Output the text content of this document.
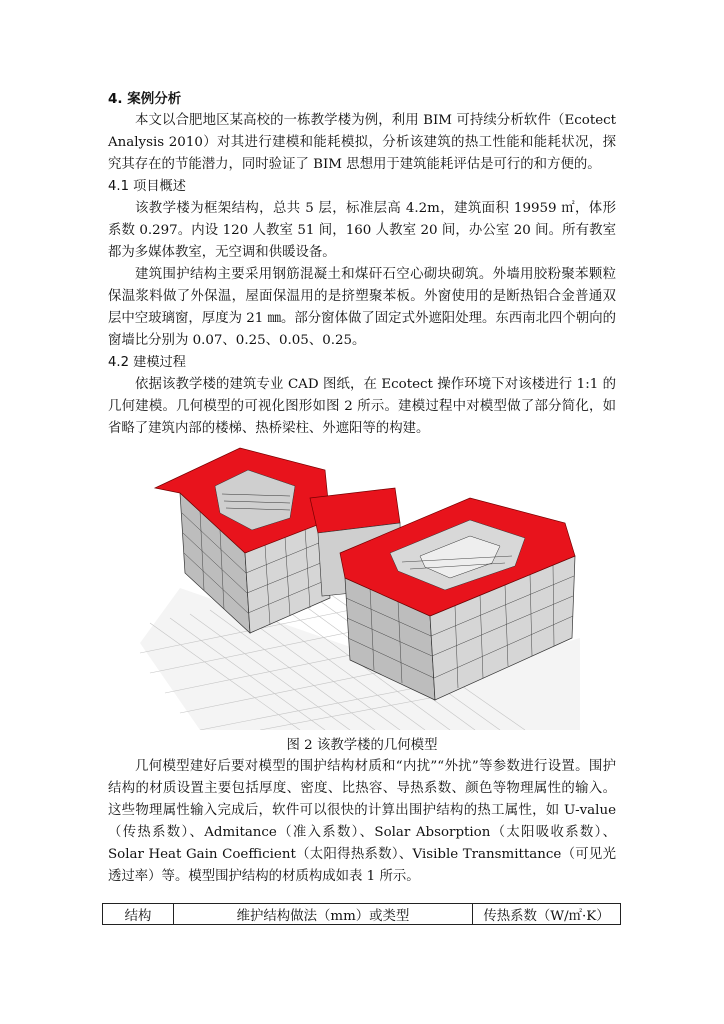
4. 案例分析

本文以合肥地区某高校的一栋教学楼为例，利用 BIM 可持续分析软件（Ecotect Analysis 2010）对其进行建模和能耗模拟，分析该建筑的热工性能和能耗状况，探究其存在的节能潜力，同时验证了 BIM 思想用于建筑能耗评估是可行的和方便的。

4.1 项目概述

该教学楼为框架结构，总共 5 层，标准层高 4.2m，建筑面积 19959 ㎡，体形系数 0.297。内设 120 人教室 51 间，160 人教室 20 间，办公室 20 间。所有教室都为多媒体教室，无空调和供暖设备。

建筑围护结构主要采用钢筋混凝土和煤矸石空心砌块砌筑。外墙用胶粉聚苯颗粒保温浆料做了外保温，屋面保温用的是挤塑聚苯板。外窗使用的是断热铝合金普通双层中空玻璃窗，厚度为 21 ㎜。部分窗体做了固定式外遮阳处理。东西南北四个朝向的窗墙比分别为 0.07、0.25、0.05、0.25。

4.2 建模过程

依据该教学楼的建筑专业 CAD 图纸，在 Ecotect 操作环境下对该楼进行 1:1 的几何建模。几何模型的可视化图形如图 2 所示。建模过程中对模型做了部分简化，如省略了建筑内部的楼梯、热桥梁柱、外遮阳等的构建。

图 2 该教学楼的几何模型

几何模型建好后要对模型的围护结构材质和“内扰”“外扰”等参数进行设置。围护结构的材质设置主要包括厚度、密度、比热容、导热系数、颜色等物理属性的输入。这些物理属性输入完成后，软件可以很快的计算出围护结构的热工属性，如 U-value（传热系数）、Admitance（准入系数）、Solar Absorption（太阳吸收系数）、Solar Heat Gain Coefficient（太阳得热系数）、Visible Transmittance（可见光透过率）等。模型围护结构的材质构成如表 1 所示。

结构	维护结构做法（mm）或类型	传热系数（W/㎡·K）
